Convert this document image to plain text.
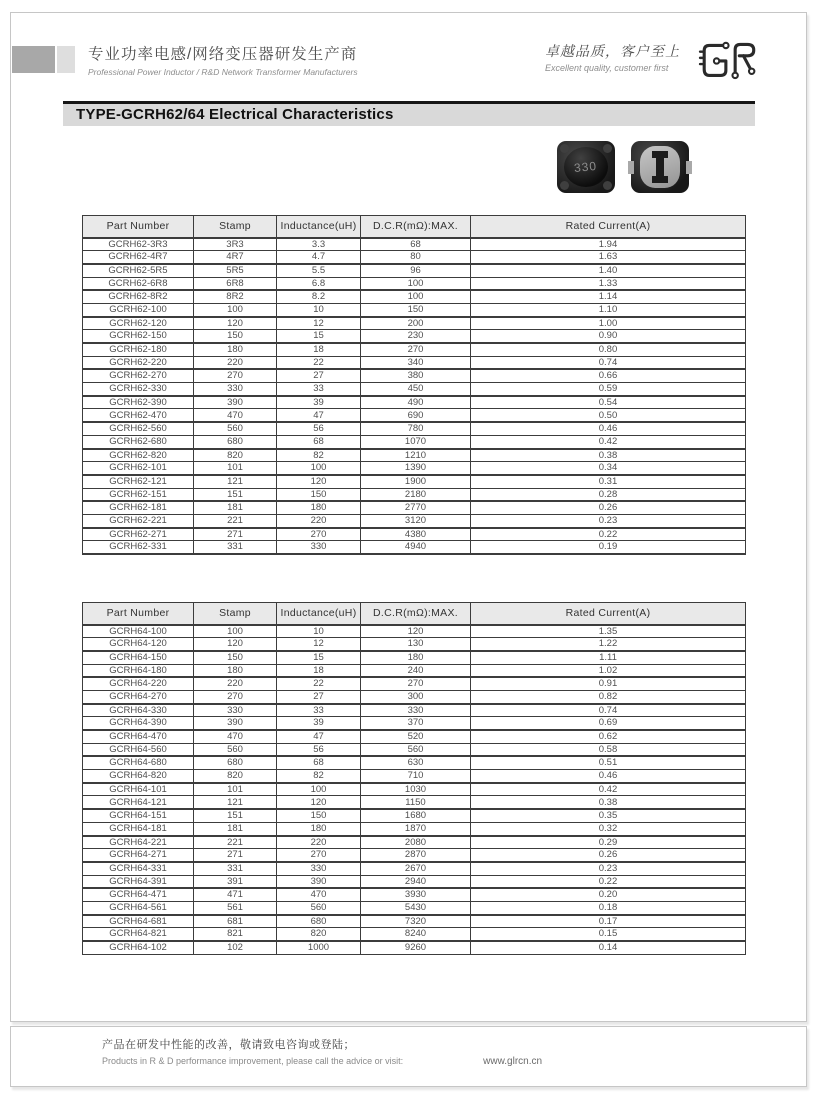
专业功率电感/网络变压器研发生产商
Professional Power Inductor / R&D Network Transformer Manufacturers
卓越品质，客户至上
Excellent quality, customer first
TYPE-GCRH62/64 Electrical Characteristics
330
Part Number	Stamp	Inductance(uH)	D.C.R(mΩ):MAX.	Rated Current(A)
GCRH62-3R3	3R3	3.3	68	1.94
GCRH62-4R7	4R7	4.7	80	1.63
GCRH62-5R5	5R5	5.5	96	1.40
GCRH62-6R8	6R8	6.8	100	1.33
GCRH62-8R2	8R2	8.2	100	1.14
GCRH62-100	100	10	150	1.10
GCRH62-120	120	12	200	1.00
GCRH62-150	150	15	230	0.90
GCRH62-180	180	18	270	0.80
GCRH62-220	220	22	340	0.74
GCRH62-270	270	27	380	0.66
GCRH62-330	330	33	450	0.59
GCRH62-390	390	39	490	0.54
GCRH62-470	470	47	690	0.50
GCRH62-560	560	56	780	0.46
GCRH62-680	680	68	1070	0.42
GCRH62-820	820	82	1210	0.38
GCRH62-101	101	100	1390	0.34
GCRH62-121	121	120	1900	0.31
GCRH62-151	151	150	2180	0.28
GCRH62-181	181	180	2770	0.26
GCRH62-221	221	220	3120	0.23
GCRH62-271	271	270	4380	0.22
GCRH62-331	331	330	4940	0.19
Part Number	Stamp	Inductance(uH)	D.C.R(mΩ):MAX.	Rated Current(A)
GCRH64-100	100	10	120	1.35
GCRH64-120	120	12	130	1.22
GCRH64-150	150	15	180	1.11
GCRH64-180	180	18	240	1.02
GCRH64-220	220	22	270	0.91
GCRH64-270	270	27	300	0.82
GCRH64-330	330	33	330	0.74
GCRH64-390	390	39	370	0.69
GCRH64-470	470	47	520	0.62
GCRH64-560	560	56	560	0.58
GCRH64-680	680	68	630	0.51
GCRH64-820	820	82	710	0.46
GCRH64-101	101	100	1030	0.42
GCRH64-121	121	120	1150	0.38
GCRH64-151	151	150	1680	0.35
GCRH64-181	181	180	1870	0.32
GCRH64-221	221	220	2080	0.29
GCRH64-271	271	270	2870	0.26
GCRH64-331	331	330	2670	0.23
GCRH64-391	391	390	2940	0.22
GCRH64-471	471	470	3930	0.20
GCRH64-561	561	560	5430	0.18
GCRH64-681	681	680	7320	0.17
GCRH64-821	821	820	8240	0.15
GCRH64-102	102	1000	9260	0.14
产品在研发中性能的改善，敬请致电咨询或登陆；
Products in R & D performance improvement, please call the advice or visit:	www.glrcn.cn
